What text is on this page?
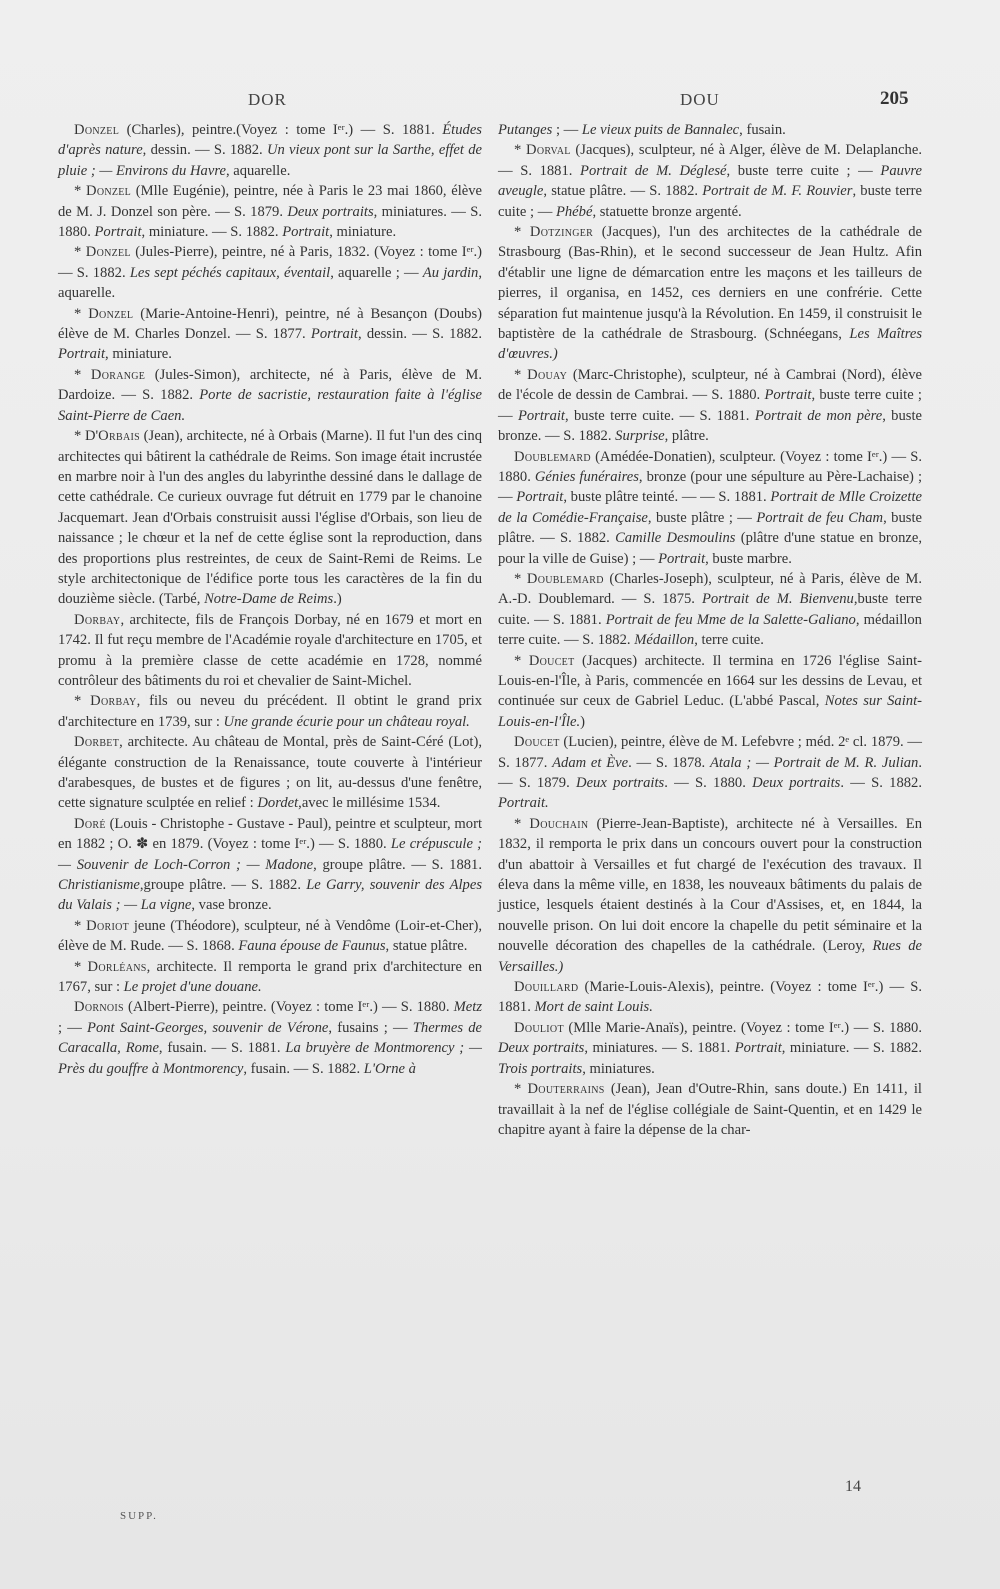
DOR	DOU	205

Donzel (Charles), peintre.(Voyez : tome Iᵉʳ.) — S. 1881. Études d'après nature, dessin. — S. 1882. Un vieux pont sur la Sarthe, effet de pluie ; — Environs du Havre, aquarelle.

* Donzel (Mlle Eugénie), peintre, née à Paris le 23 mai 1860, élève de M. J. Donzel son père. — S. 1879. Deux portraits, miniatures. — S. 1880. Portrait, miniature. — S. 1882. Portrait, miniature.

* Donzel (Jules-Pierre), peintre, né à Paris, 1832. (Voyez : tome Iᵉʳ.) — S. 1882. Les sept péchés capitaux, éventail, aquarelle ; — Au jardin, aquarelle.

* Donzel (Marie-Antoine-Henri), peintre, né à Besançon (Doubs) élève de M. Charles Donzel. — S. 1877. Portrait, dessin. — S. 1882. Portrait, miniature.

* Dorange (Jules-Simon), architecte, né à Paris, élève de M. Dardoize. — S. 1882. Porte de sacristie, restauration faite à l'église Saint-Pierre de Caen.

* D'Orbais (Jean), architecte, né à Orbais (Marne). Il fut l'un des cinq architectes qui bâtirent la cathédrale de Reims. Son image était incrustée en marbre noir à l'un des angles du labyrinthe dessiné dans le dallage de cette cathédrale. Ce curieux ouvrage fut détruit en 1779 par le chanoine Jacquemart. Jean d'Orbais construisit aussi l'église d'Orbais, son lieu de naissance ; le chœur et la nef de cette église sont la reproduction, dans des proportions plus restreintes, de ceux de Saint-Remi de Reims. Le style architectonique de l'édifice porte tous les caractères de la fin du douzième siècle. (Tarbé, Notre-Dame de Reims.)

Dorbay, architecte, fils de François Dorbay, né en 1679 et mort en 1742. Il fut reçu membre de l'Académie royale d'architecture en 1705, et promu à la première classe de cette académie en 1728, nommé contrôleur des bâtiments du roi et chevalier de Saint-Michel.

* Dorbay, fils ou neveu du précédent. Il obtint le grand prix d'architecture en 1739, sur : Une grande écurie pour un château royal.

Dorbet, architecte. Au château de Montal, près de Saint-Céré (Lot), élégante construction de la Renaissance, toute couverte à l'intérieur d'arabesques, de bustes et de figures ; on lit, au-dessus d'une fenêtre, cette signature sculptée en relief : Dordet,avec le millésime 1534.

Doré (Louis - Christophe - Gustave - Paul), peintre et sculpteur, mort en 1882 ; O. ✽ en 1879. (Voyez : tome Iᵉʳ.) — S. 1880. Le crépuscule ; — Souvenir de Loch-Corron ; — Madone, groupe plâtre. — S. 1881. Christianisme,groupe plâtre. — S. 1882. Le Garry, souvenir des Alpes du Valais ; — La vigne, vase bronze.

* Doriot jeune (Théodore), sculpteur, né à Vendôme (Loir-et-Cher), élève de M. Rude. — S. 1868. Fauna épouse de Faunus, statue plâtre.

* Dorléans, architecte. Il remporta le grand prix d'architecture en 1767, sur : Le projet d'une douane.

Dornois (Albert-Pierre), peintre. (Voyez : tome Iᵉʳ.) — S. 1880. Metz ; — Pont Saint-Georges, souvenir de Vérone, fusains ; — Thermes de Caracalla, Rome, fusain. — S. 1881. La bruyère de Montmorency ; — Près du gouffre à Montmorency, fusain. — S. 1882. L'Orne à

Putanges ; — Le vieux puits de Bannalec, fusain.

* Dorval (Jacques), sculpteur, né à Alger, élève de M. Delaplanche. — S. 1881. Portrait de M. Déglesé, buste terre cuite ; — Pauvre aveugle, statue plâtre. — S. 1882. Portrait de M. F. Rouvier, buste terre cuite ; — Phébé, statuette bronze argenté.

* Dotzinger (Jacques), l'un des architectes de la cathédrale de Strasbourg (Bas-Rhin), et le second successeur de Jean Hultz. Afin d'établir une ligne de démarcation entre les maçons et les tailleurs de pierres, il organisa, en 1452, ces derniers en une confrérie. Cette séparation fut maintenue jusqu'à la Révolution. En 1459, il construisit le baptistère de la cathédrale de Strasbourg. (Schnéegans, Les Maîtres d'œuvres.)

* Douay (Marc-Christophe), sculpteur, né à Cambrai (Nord), élève de l'école de dessin de Cambrai. — S. 1880. Portrait, buste terre cuite ; — Portrait, buste terre cuite. — S. 1881. Portrait de mon père, buste bronze. — S. 1882. Surprise, plâtre.

Doublemard (Amédée-Donatien), sculpteur. (Voyez : tome Iᵉʳ.) — S. 1880. Génies funéraires, bronze (pour une sépulture au Père-Lachaise) ; — Portrait, buste plâtre teinté. — — S. 1881. Portrait de Mlle Croizette de la Comédie-Française, buste plâtre ; — Portrait de feu Cham, buste plâtre. — S. 1882. Camille Desmoulins (plâtre d'une statue en bronze, pour la ville de Guise) ; — Portrait, buste marbre.

* Doublemard (Charles-Joseph), sculpteur, né à Paris, élève de M. A.-D. Doublemard. — S. 1875. Portrait de M. Bienvenu,buste terre cuite. — S. 1881. Portrait de feu Mme de la Salette-Galiano, médaillon terre cuite. — S. 1882. Médaillon, terre cuite.

* Doucet (Jacques) architecte. Il termina en 1726 l'église Saint-Louis-en-l'Île, à Paris, commencée en 1664 sur les dessins de Levau, et continuée sur ceux de Gabriel Leduc. (L'abbé Pascal, Notes sur Saint-Louis-en-l'Île.)

Doucet (Lucien), peintre, élève de M. Lefebvre ; méd. 2ᵉ cl. 1879. — S. 1877. Adam et Ève. — S. 1878. Atala ; — Portrait de M. R. Julian. — S. 1879. Deux portraits. — S. 1880. Deux portraits. — S. 1882. Portrait.

* Douchain (Pierre-Jean-Baptiste), architecte né à Versailles. En 1832, il remporta le prix dans un concours ouvert pour la construction d'un abattoir à Versailles et fut chargé de l'exécution des travaux. Il éleva dans la même ville, en 1838, les nouveaux bâtiments du palais de justice, lesquels étaient destinés à la Cour d'Assises, et, en 1844, la nouvelle prison. On lui doit encore la chapelle du petit séminaire et la nouvelle décoration des chapelles de la cathédrale. (Leroy, Rues de Versailles.)

Douillard (Marie-Louis-Alexis), peintre. (Voyez : tome Iᵉʳ.) — S. 1881. Mort de saint Louis.

Douliot (Mlle Marie-Anaïs), peintre. (Voyez : tome Iᵉʳ.) — S. 1880. Deux portraits, miniatures. — S. 1881. Portrait, miniature. — S. 1882. Trois portraits, miniatures.

* Douterrains (Jean), Jean d'Outre-Rhin, sans doute.) En 1411, il travaillait à la nef de l'église collégiale de Saint-Quentin, et en 1429 le chapitre ayant à faire la dépense de la char-

SUPP.
14
